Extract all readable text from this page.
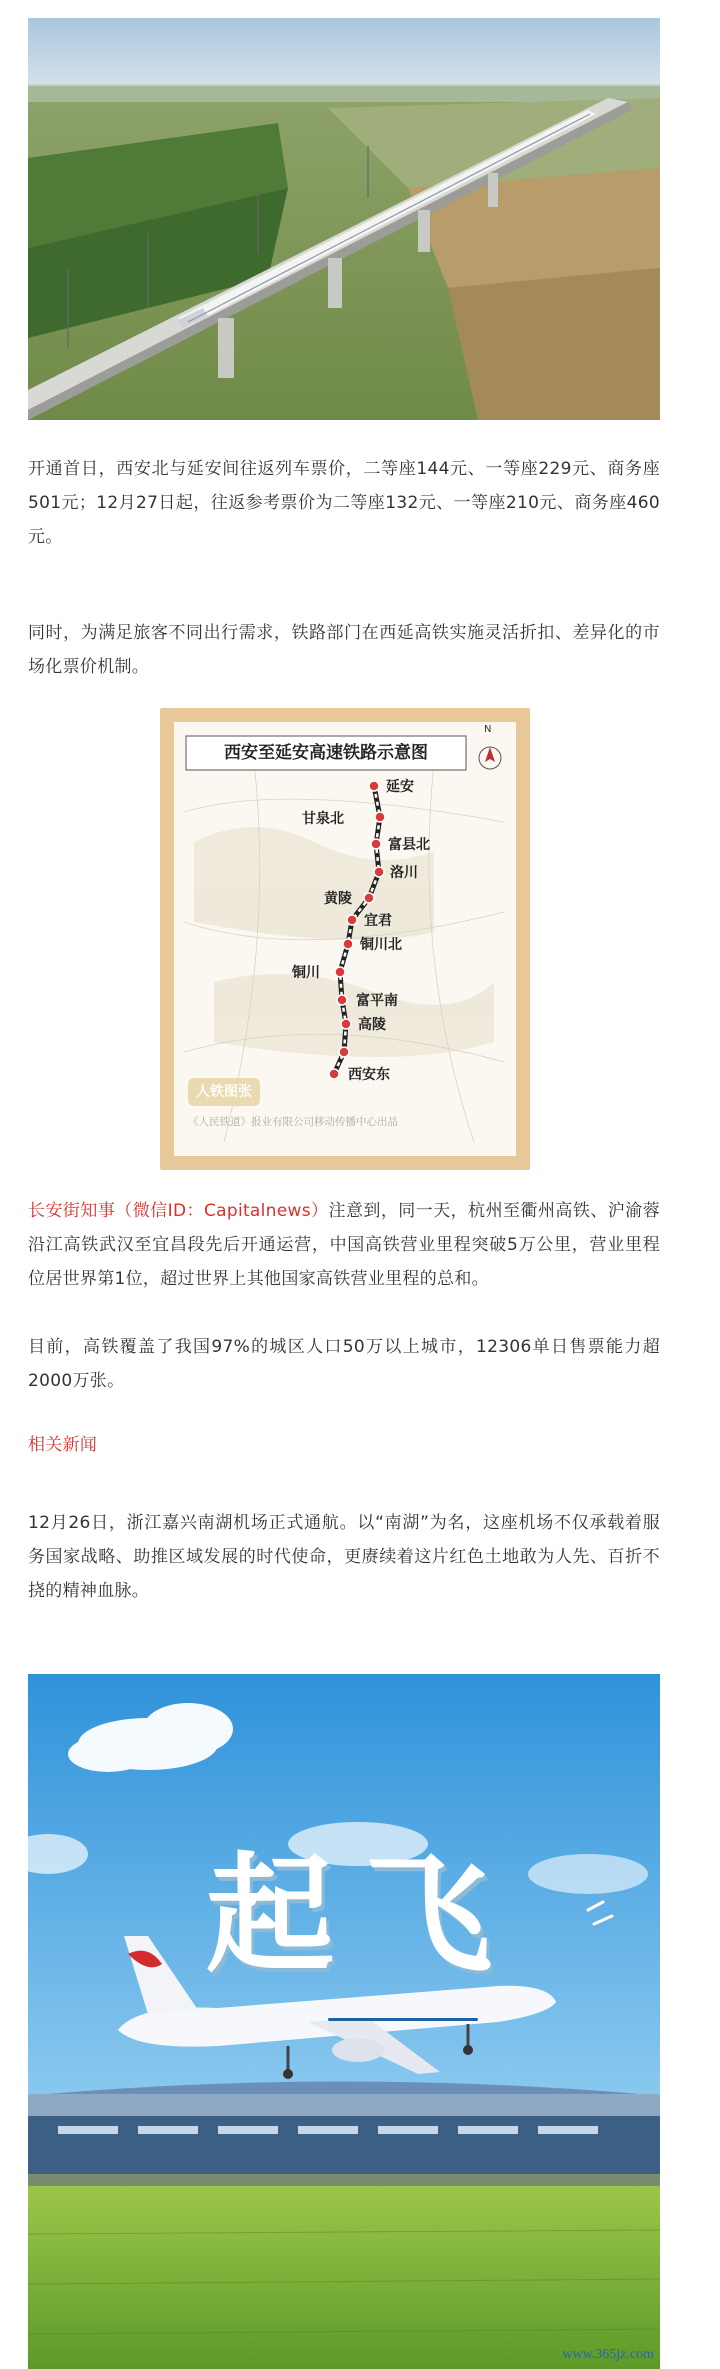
开通首日，西安北与延安间往返列车票价，二等座144元、一等座229元、商务座501元；12月27日起，往返参考票价为二等座132元、一等座210元、商务座460元。

同时，为满足旅客不同出行需求，铁路部门在西延高铁实施灵活折扣、差异化的市场化票价机制。

西安至延安高速铁路示意图
N
延安
甘泉北
富县北
洛川
黄陵
宜君
铜川北
铜川
富平南
高陵
西安东
人铁图张
《人民铁道》报业有限公司移动传播中心出品

长安街知事（微信ID：Capitalnews）注意到，同一天，杭州至衢州高铁、沪渝蓉沿江高铁武汉至宜昌段先后开通运营，中国高铁营业里程突破5万公里，营业里程位居世界第1位，超过世界上其他国家高铁营业里程的总和。

目前，高铁覆盖了我国97%的城区人口50万以上城市，12306单日售票能力超2000万张。

相关新闻

12月26日，浙江嘉兴南湖机场正式通航。以“南湖”为名，这座机场不仅承载着服务国家战略、助推区域发展的时代使命，更赓续着这片红色土地敢为人先、百折不挠的精神血脉。

起飞
www.365jz.com
